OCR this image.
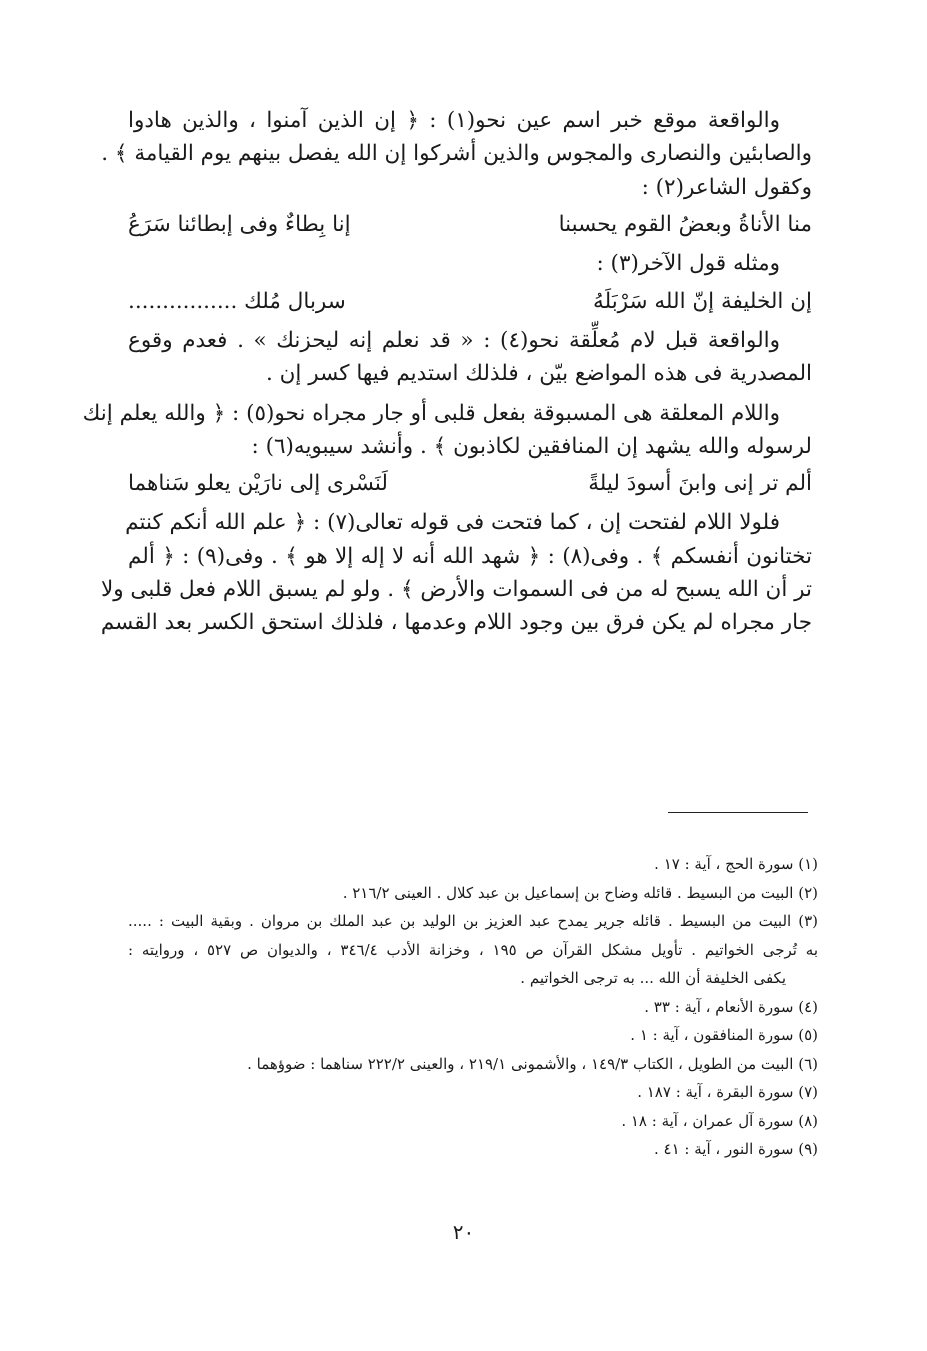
والواقعة موقع خبر اسم عين نحو(١) : ﴿ إن الذين آمنوا ، والذين هادوا
والصابئين والنصارى والمجوس والذين أشركوا إن الله يفصل بينهم يوم القيامة ﴾ .
وكقول الشاعر(٢) :
منا الأناةُ وبعضُ القوم يحسبنا
إنا بِطاءٌ وفى إبطائنا سَرَعُ
ومثله قول الآخر(٣) :
إن الخليفة إنّ الله سَرْبَلَهُ
سربال مُلك ................
والواقعة قبل لام مُعلِّقة نحو(٤) : « قد نعلم إنه ليحزنك » . فعدم وقوع
المصدرية فى هذه المواضع بيّن ، فلذلك استديم فيها كسر إن .
واللام المعلقة هى المسبوقة بفعل قلبى أو جار مجراه نحو(٥) : ﴿ والله يعلم إنك
لرسوله والله يشهد إن المنافقين لكاذبون ﴾ . وأنشد سيبويه(٦) :
ألم تر إنى وابنَ أسودَ ليلةً
لَنَسْرى إلى نارَيْن يعلو سَناهما
فلولا اللام لفتحت إن ، كما فتحت فى قوله تعالى(٧) : ﴿ علم الله أنكم كنتم
تختانون أنفسكم ﴾ . وفى(٨) : ﴿ شهد الله أنه لا إله إلا هو ﴾ . وفى(٩) : ﴿ ألم
تر أن الله يسبح له من فى السموات والأرض ﴾ . ولو لم يسبق اللام فعل قلبى ولا
جار مجراه لم يكن فرق بين وجود اللام وعدمها ، فلذلك استحق الكسر بعد القسم
(١) سورة الحج ، آية : ١٧ .
(٢) البيت من البسيط . قائله وضاح بن إسماعيل بن عبد كلال . العينى ٢١٦/٢ .
(٣) البيت من البسيط . قائله جرير يمدح عبد العزيز بن الوليد بن عبد الملك بن مروان . وبقية البيت : .....
به تُرجى الخواتيم . تأويل مشكل القرآن ص ١٩٥ ، وخزانة الأدب ٣٤٦/٤ ، والديوان ص ٥٢٧ ، وروايته :
يكفى الخليفة أن الله ... به ترجى الخواتيم .
(٤) سورة الأنعام ، آية : ٣٣ .
(٥) سورة المنافقون ، آية : ١ .
(٦) البيت من الطويل ، الكتاب ١٤٩/٣ ، والأشمونى ٢١٩/١ ، والعينى ٢٢٢/٢ سناهما : ضوؤهما .
(٧) سورة البقرة ، آية : ١٨٧ .
(٨) سورة آل عمران ، آية : ١٨ .
(٩) سورة النور ، آية : ٤١ .
٢٠
